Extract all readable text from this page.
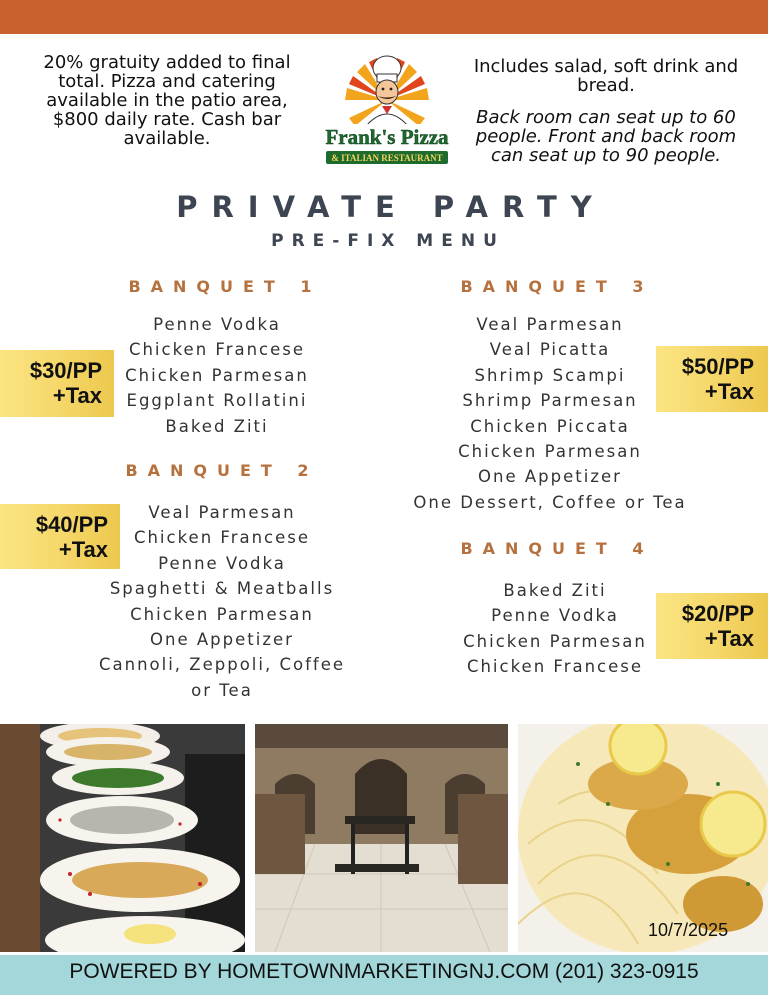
20% gratuity added to final total. Pizza and catering available in the patio area, $800 daily rate. Cash bar available.	Frank's Pizza
& ITALIAN RESTAURANT
Includes salad, soft drink and bread.
Back room can seat up to 60 people. Front and back room can seat up to 90 people.
PRIVATE PARTY
PRE-FIX MENU
BANQUET 1
Penne Vodka
Chicken Francese
Chicken Parmesan
Eggplant Rollatini
Baked Ziti
$30/PP
+Tax
BANQUET 2
Veal Parmesan
Chicken Francese
Penne Vodka
Spaghetti & Meatballs
Chicken Parmesan
One Appetizer
Cannoli, Zeppoli, Coffee
or Tea
$40/PP
+Tax
BANQUET 3
Veal Parmesan
Veal Picatta
Shrimp Scampi
Shrimp Parmesan
Chicken Piccata
Chicken Parmesan
One Appetizer
One Dessert, Coffee or Tea
$50/PP
+Tax
BANQUET 4
Baked Ziti
Penne Vodka
Chicken Parmesan
Chicken Francese
$20/PP
+Tax
10/7/2025
POWERED BY HOMETOWNMARKETINGNJ.COM (201) 323-0915
